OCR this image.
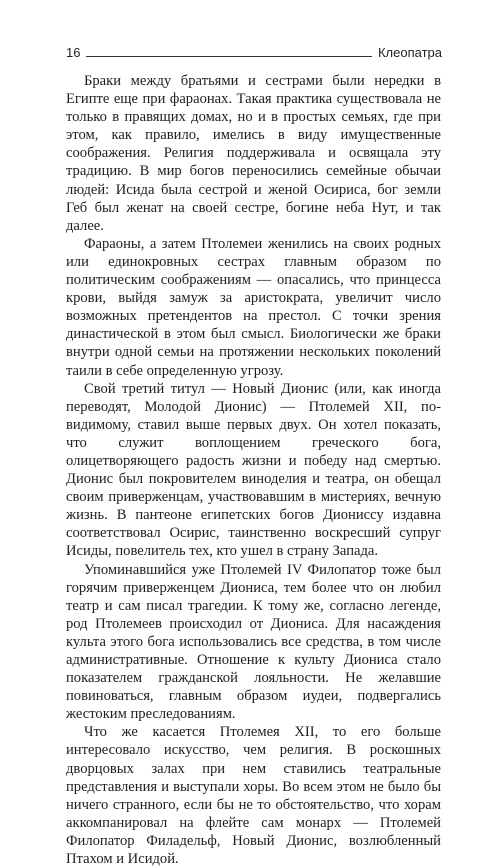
16	Клеопатра

Браки между братьями и сестрами были нередки в Египте еще при фараонах. Такая практика существовала не только в правящих домах, но и в простых семьях, где при этом, как правило, имелись в виду имущественные соображения. Религия поддерживала и освящала эту традицию. В мир богов переносились семейные обычаи людей: Исида была сестрой и женой Осириса, бог земли Геб был женат на своей сестре, богине неба Нут, и так далее.

Фараоны, а затем Птолемеи женились на своих родных или единокровных сестрах главным образом по политическим соображениям — опасались, что принцесса крови, выйдя замуж за аристократа, увеличит число возможных претендентов на престол. С точки зрения династической в этом был смысл. Биологически же браки внутри одной семьи на протяжении нескольких поколений таили в себе определенную угрозу.

Свой третий титул — Новый Дионис (или, как иногда переводят, Молодой Дионис) — Птолемей XII, по-видимому, ставил выше первых двух. Он хотел показать, что служит воплощением греческого бога, олицетворяющего радость жизни и победу над смертью. Дионис был покровителем виноделия и театра, он обещал своим приверженцам, участвовавшим в мистериях, вечную жизнь. В пантеоне египетских богов Диониссу издавна соответствовал Осирис, таинственно воскресший супруг Исиды, повелитель тех, кто ушел в страну Запада.

Упоминавшийся уже Птолемей IV Филопатор тоже был горячим приверженцем Диониса, тем более что он любил театр и сам писал трагедии. К тому же, согласно легенде, род Птолемеев происходил от Диониса. Для насаждения культа этого бога использовались все средства, в том числе административные. Отношение к культу Диониса стало показателем гражданской лояльности. Не желавшие повиноваться, главным образом иудеи, подвергались жестоким преследованиям.

Что же касается Птолемея XII, то его больше интересовало искусство, чем религия. В роскошных дворцовых залах при нем ставились театральные представления и выступали хоры. Во всем этом не было бы ничего странного, если бы не то обстоятельство, что хорам аккомпанировал на флейте сам монарх — Птолемей Филопатор Филадельф, Новый Дионис, возлюбленный Птахом и Исидой.
